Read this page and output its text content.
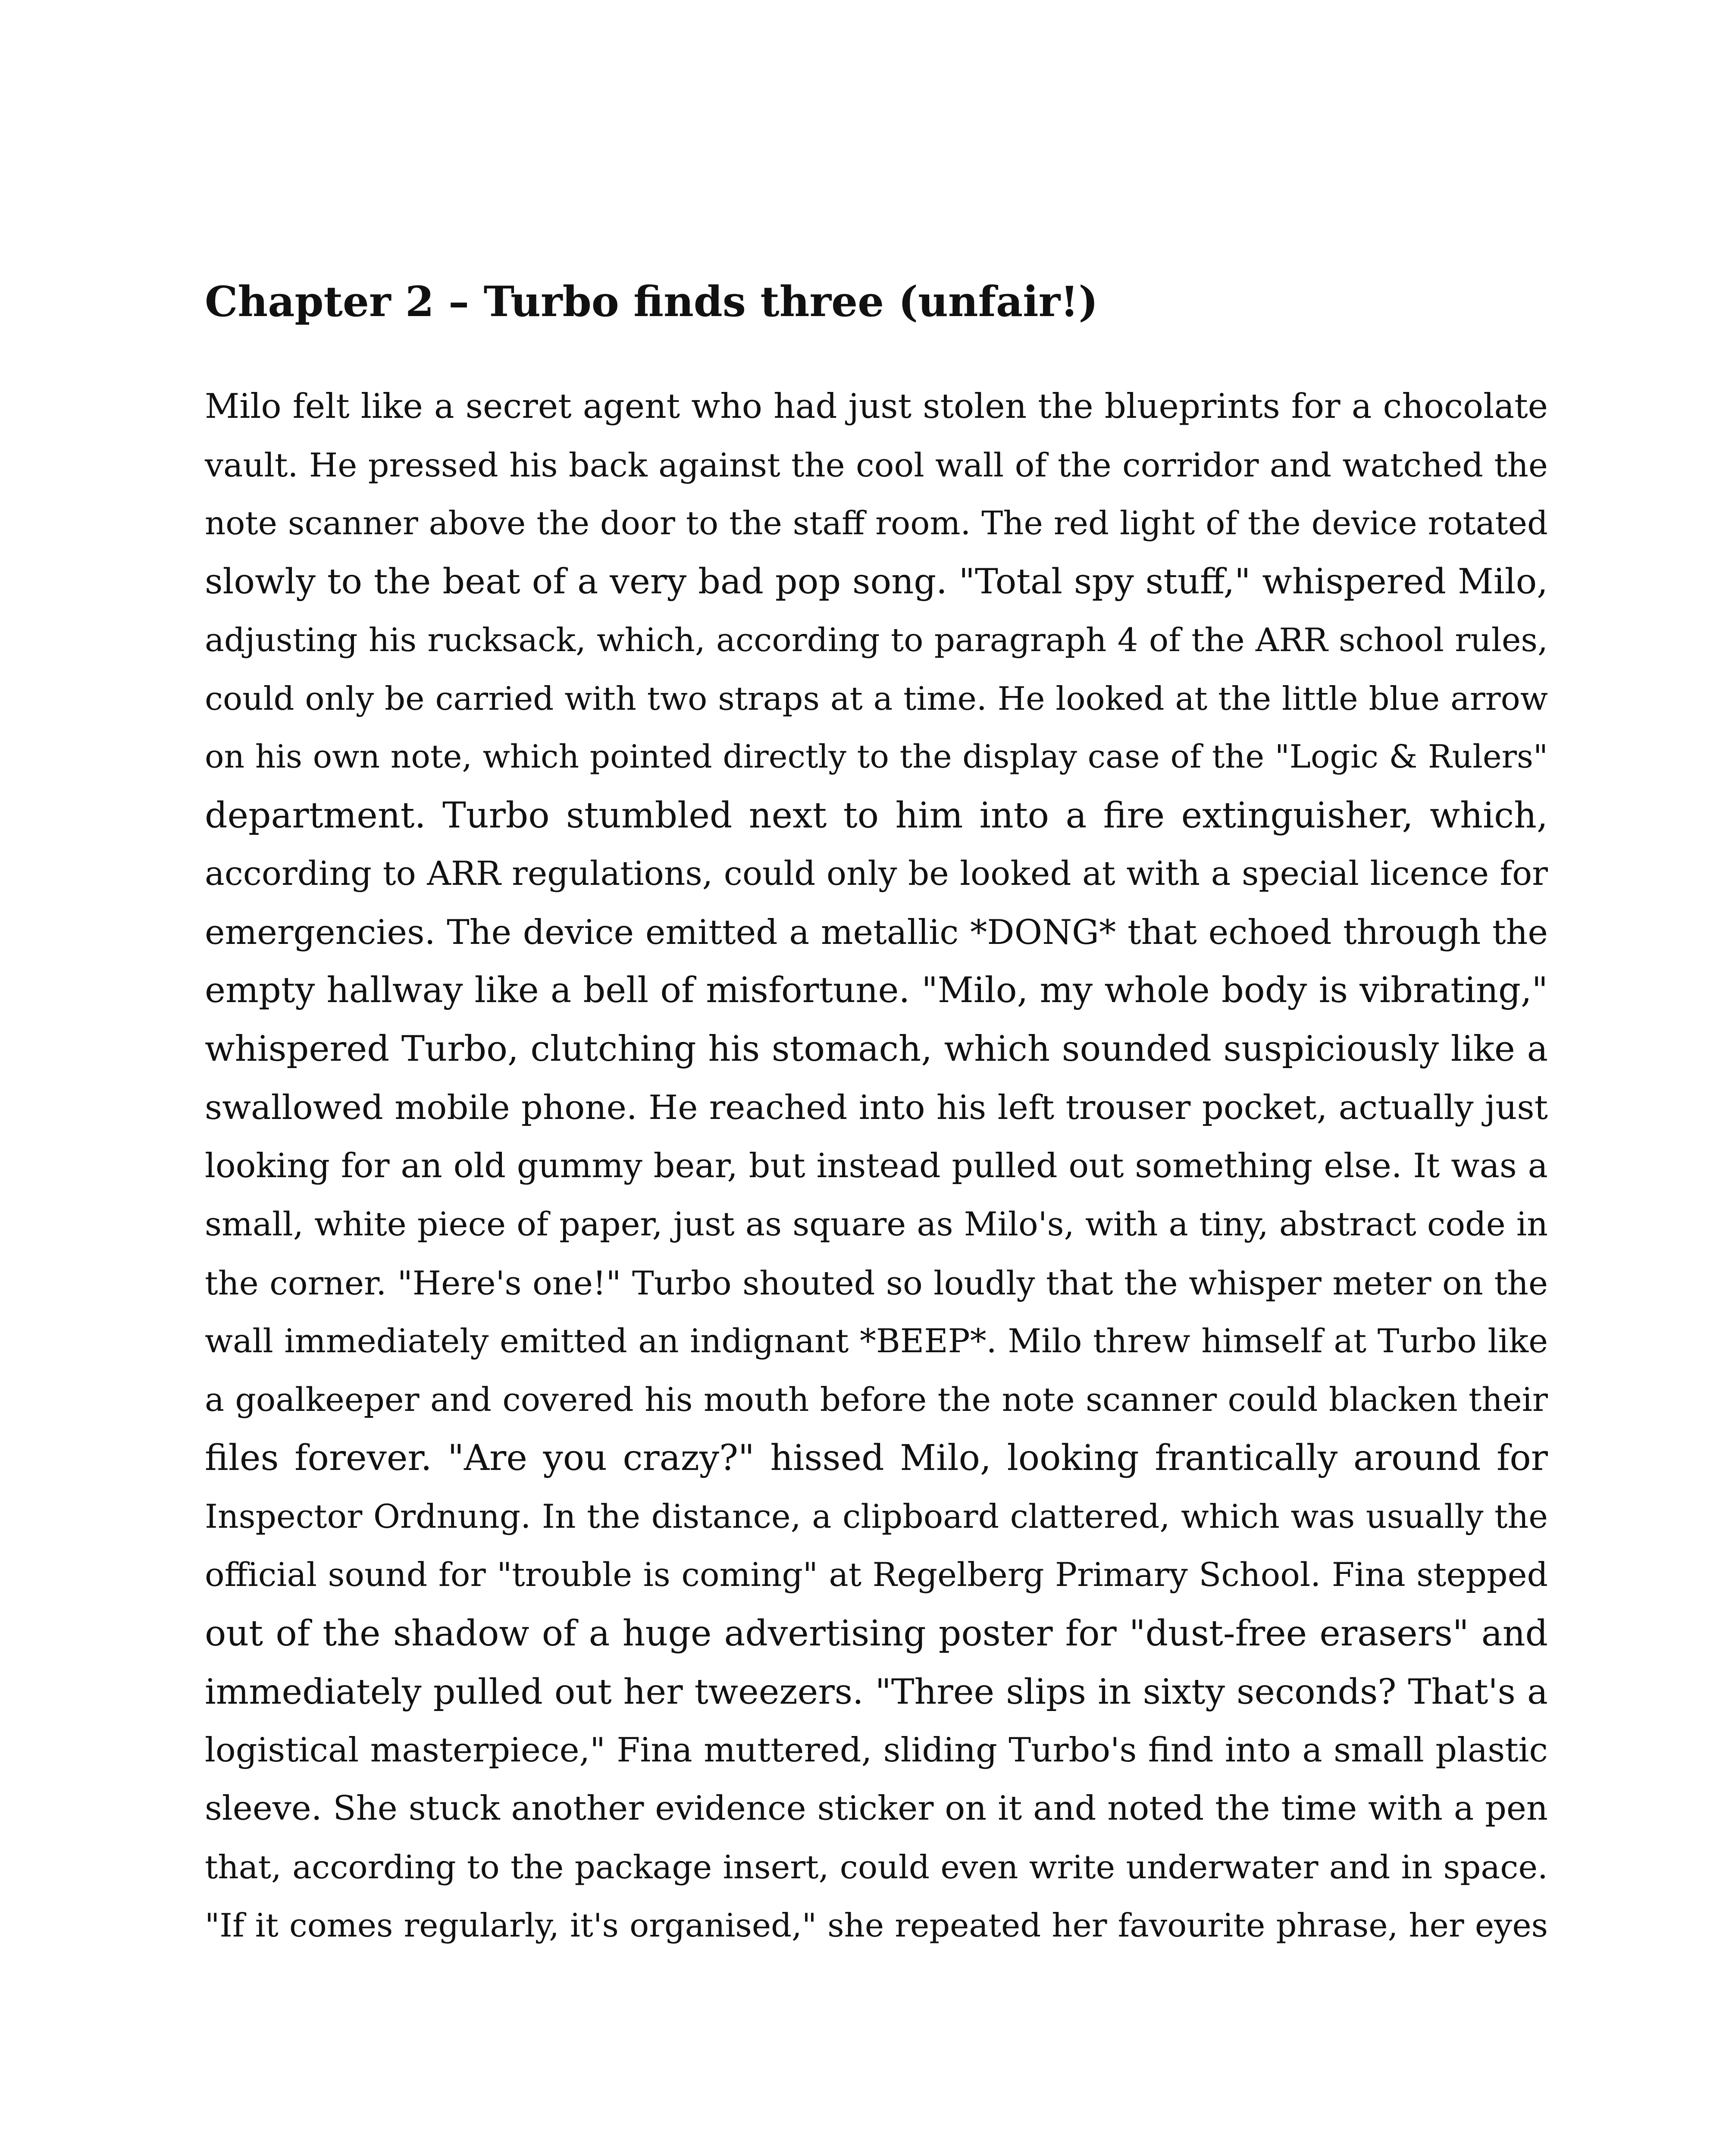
Chapter 2 – Turbo finds three (unfair!)
Milo felt like a secret agent who had just stolen the blueprints for a chocolate
vault. He pressed his back against the cool wall of the corridor and watched the
note scanner above the door to the staff room. The red light of the device rotated
slowly to the beat of a very bad pop song. "Total spy stuff," whispered Milo,
adjusting his rucksack, which, according to paragraph 4 of the ARR school rules,
could only be carried with two straps at a time. He looked at the little blue arrow
on his own note, which pointed directly to the display case of the "Logic & Rulers"
department. Turbo stumbled next to him into a fire extinguisher, which,
according to ARR regulations, could only be looked at with a special licence for
emergencies. The device emitted a metallic *DONG* that echoed through the
empty hallway like a bell of misfortune. "Milo, my whole body is vibrating,"
whispered Turbo, clutching his stomach, which sounded suspiciously like a
swallowed mobile phone. He reached into his left trouser pocket, actually just
looking for an old gummy bear, but instead pulled out something else. It was a
small, white piece of paper, just as square as Milo's, with a tiny, abstract code in
the corner. "Here's one!" Turbo shouted so loudly that the whisper meter on the
wall immediately emitted an indignant *BEEP*. Milo threw himself at Turbo like
a goalkeeper and covered his mouth before the note scanner could blacken their
files forever. "Are you crazy?" hissed Milo, looking frantically around for
Inspector Ordnung. In the distance, a clipboard clattered, which was usually the
official sound for "trouble is coming" at Regelberg Primary School. Fina stepped
out of the shadow of a huge advertising poster for "dust-free erasers" and
immediately pulled out her tweezers. "Three slips in sixty seconds? That's a
logistical masterpiece," Fina muttered, sliding Turbo's find into a small plastic
sleeve. She stuck another evidence sticker on it and noted the time with a pen
that, according to the package insert, could even write underwater and in space.
"If it comes regularly, it's organised," she repeated her favourite phrase, her eyes
